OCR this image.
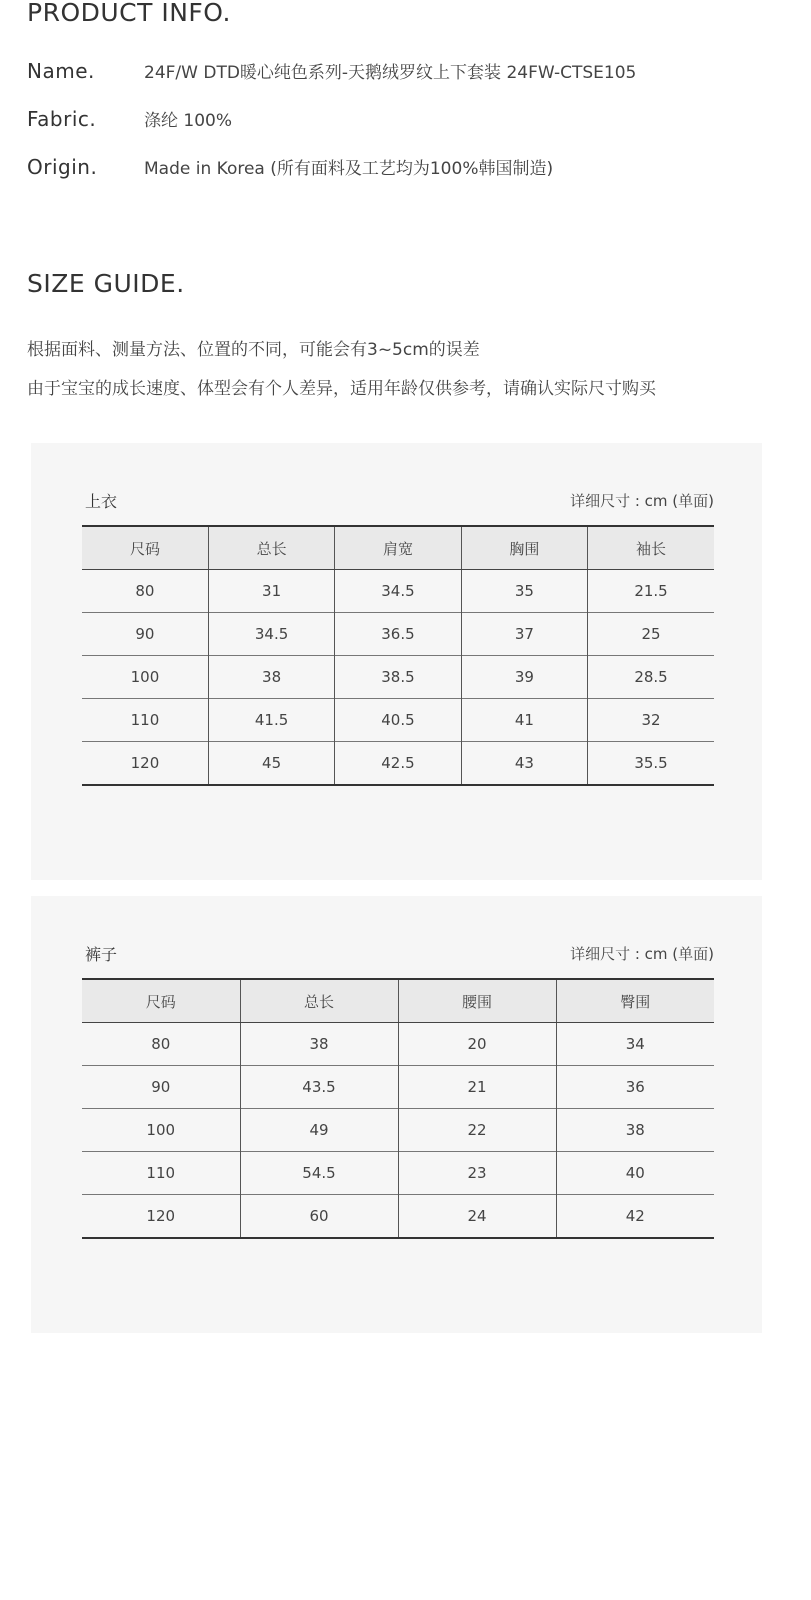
PRODUCT INFO.
Name.	24F/W DTD暖心纯色系列-天鹅绒罗纹上下套装 24FW-CTSE105
Fabric.	涤纶 100%
Origin.	Made in Korea (所有面料及工艺均为100%韩国制造)
SIZE GUIDE.

根据面料、测量方法、位置的不同，可能会有3~5cm的误差

由于宝宝的成长速度、体型会有个人差异，适用年龄仅供参考，请确认实际尺寸购买

上衣	详细尺寸 : cm (单面)
尺码	总长	肩宽	胸围	袖长
80	31	34.5	35	21.5
90	34.5	36.5	37	25
100	38	38.5	39	28.5
110	41.5	40.5	41	32
120	45	42.5	43	35.5
裤子	详细尺寸 : cm (单面)
尺码	总长	腰围	臀围
80	38	20	34
90	43.5	21	36
100	49	22	38
110	54.5	23	40
120	60	24	42
